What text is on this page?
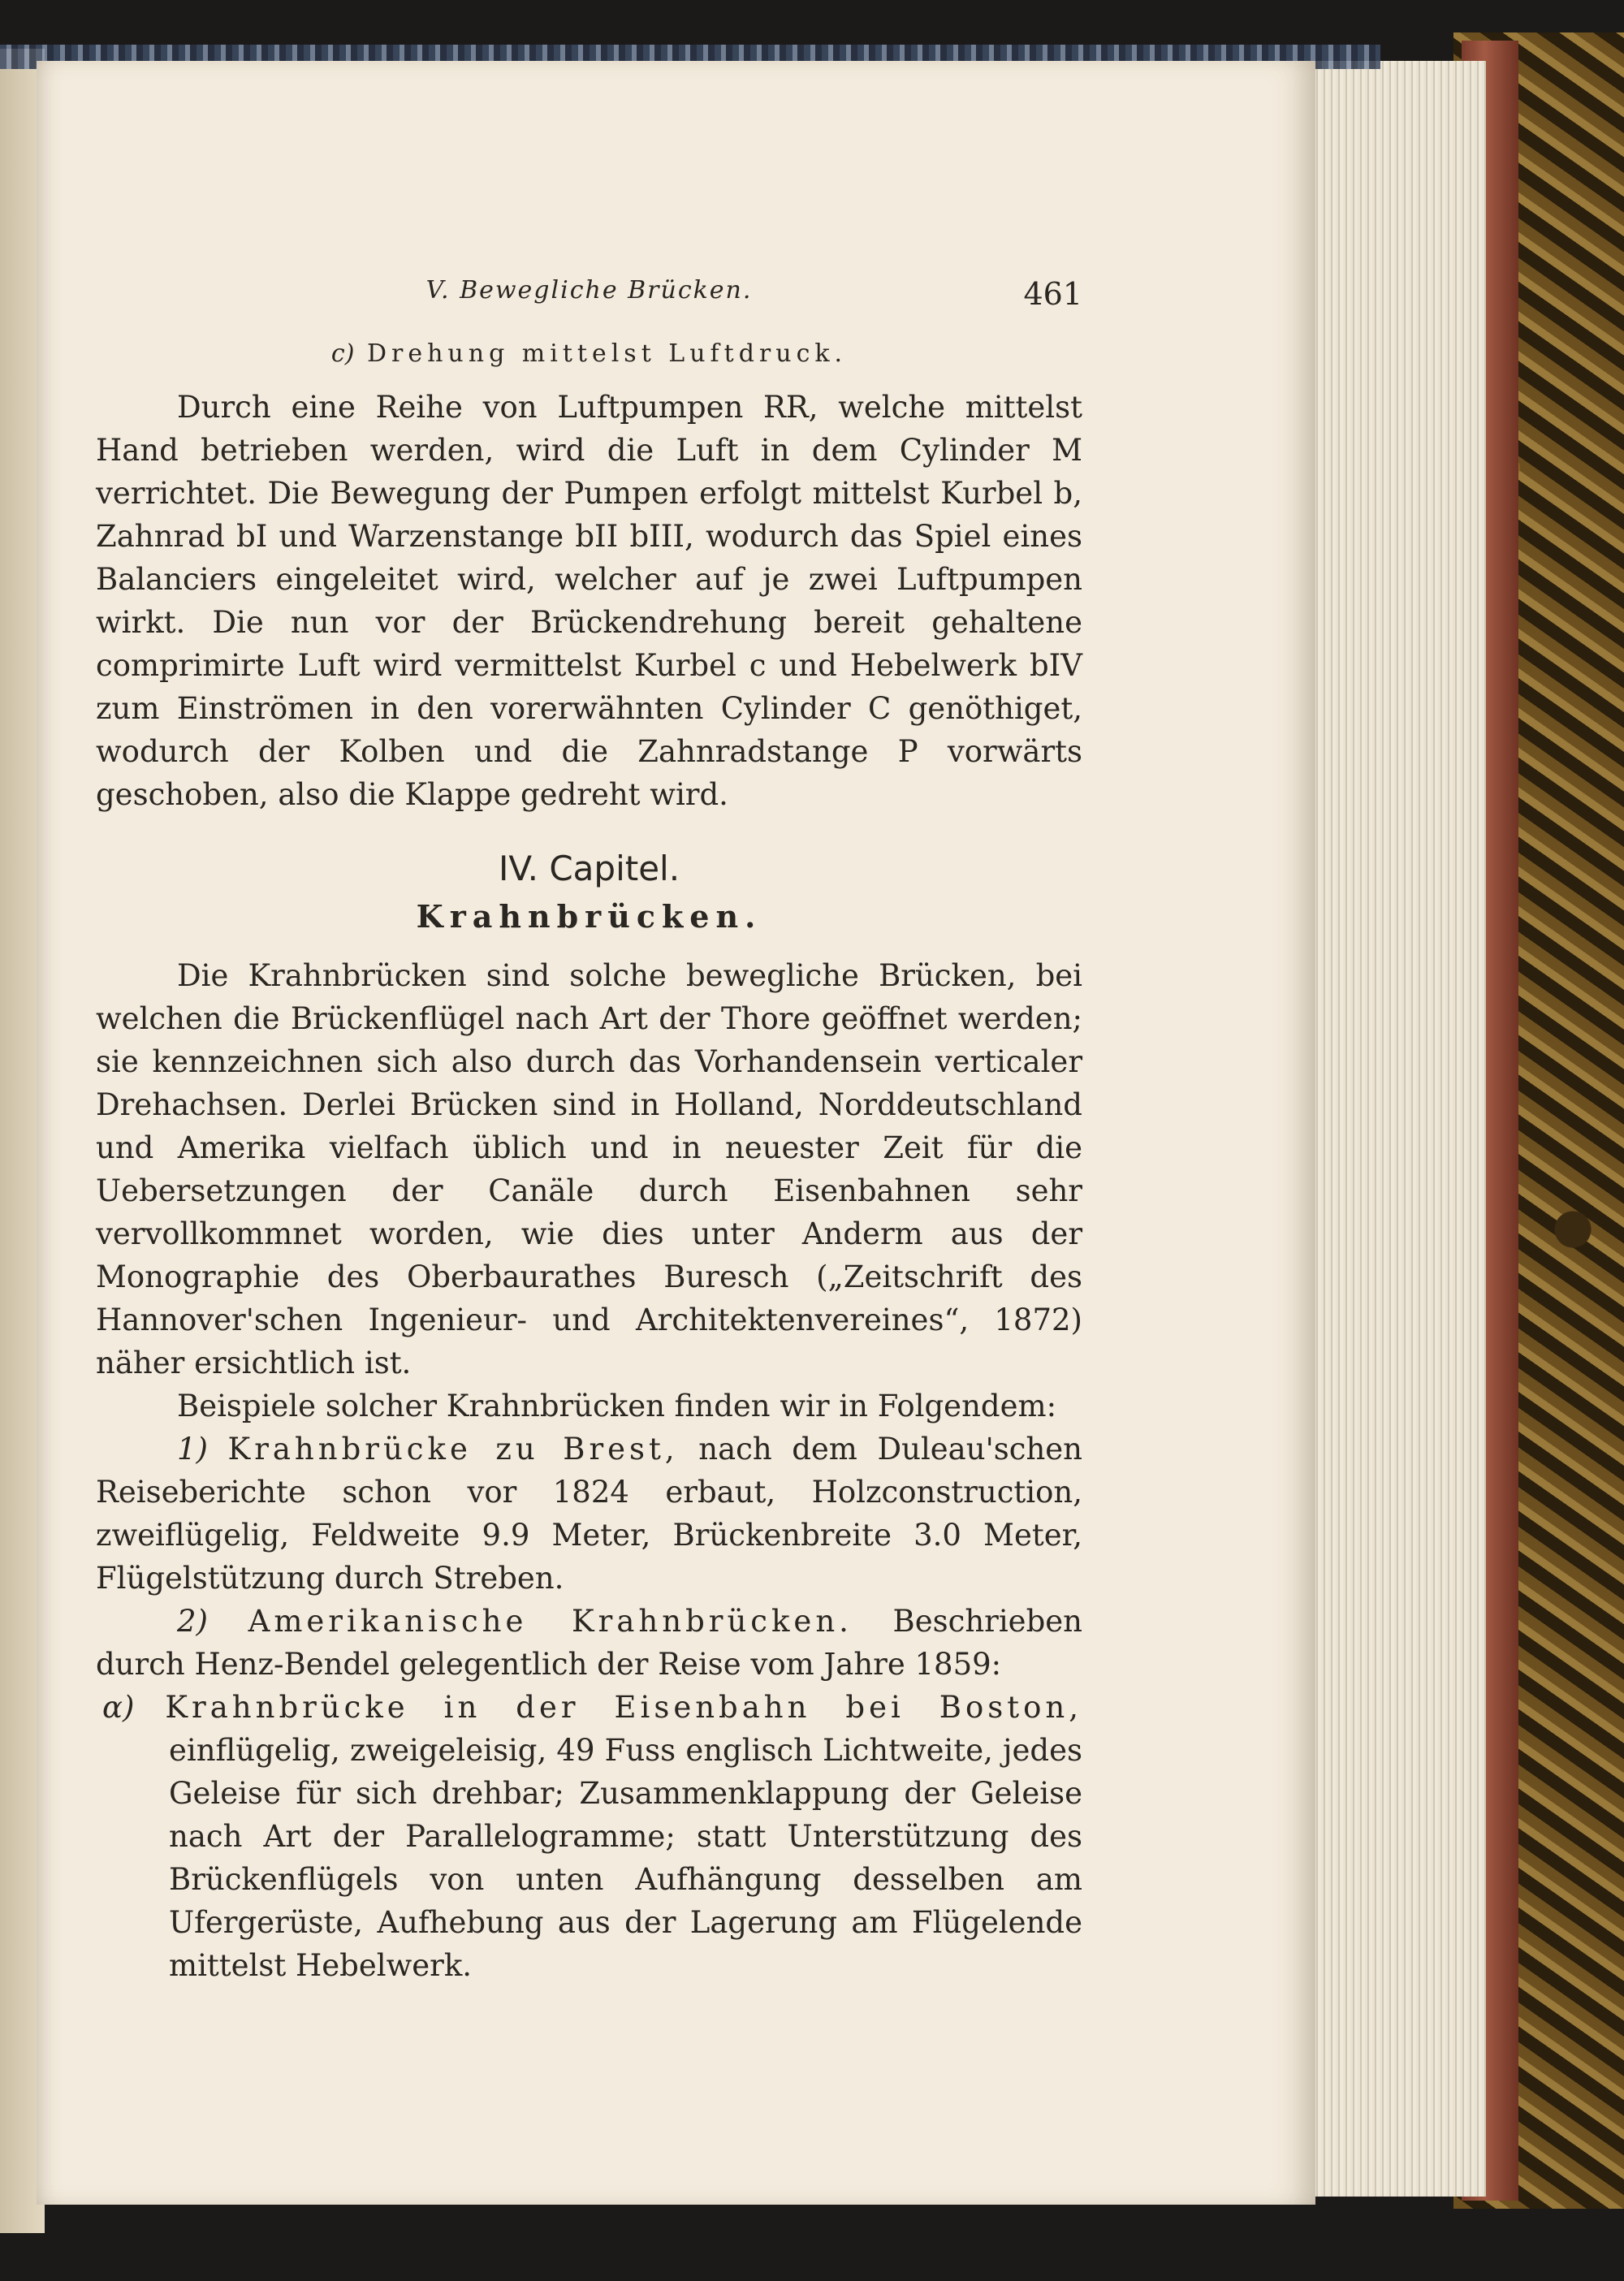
V. Bewegliche Brücken.	461
c) Drehung mittelst Luftdruck.

Durch eine Reihe von Luftpumpen RR, welche mittelst Hand betrieben werden, wird die Luft in dem Cylinder M verrichtet. Die Bewegung der Pumpen erfolgt mittelst Kurbel b, Zahnrad bI und Warzenstange bII bIII, wodurch das Spiel eines Balanciers eingeleitet wird, welcher auf je zwei Luftpumpen wirkt. Die nun vor der Brückendrehung bereit gehaltene comprimirte Luft wird vermittelst Kurbel c und Hebelwerk bIV zum Einströmen in den vorerwähnten Cylinder C genöthiget, wodurch der Kolben und die Zahnradstange P vorwärts geschoben, also die Klappe gedreht wird.

IV. Capitel.
Krahnbrücken.

Die Krahnbrücken sind solche bewegliche Brücken, bei welchen die Brückenflügel nach Art der Thore geöffnet werden; sie kennzeichnen sich also durch das Vorhandensein verticaler Drehachsen. Derlei Brücken sind in Holland, Norddeutschland und Amerika vielfach üblich und in neuester Zeit für die Uebersetzungen der Canäle durch Eisenbahnen sehr vervollkommnet worden, wie dies unter Anderm aus der Monographie des Oberbaurathes Buresch („Zeitschrift des Hannover'schen Ingenieur- und Architektenvereines“, 1872) näher ersichtlich ist.

Beispiele solcher Krahnbrücken finden wir in Folgendem:

1) Krahnbrücke zu Brest, nach dem Duleau'schen Reiseberichte schon vor 1824 erbaut, Holzconstruction, zweiflügelig, Feldweite 9.9 Meter, Brückenbreite 3.0 Meter, Flügelstützung durch Streben.

2) Amerikanische Krahnbrücken. Beschrieben durch Henz-Bendel gelegentlich der Reise vom Jahre 1859:

α) Krahnbrücke in der Eisenbahn bei Boston, einflügelig, zweigeleisig, 49 Fuss englisch Lichtweite, jedes Geleise für sich drehbar; Zusammenklappung der Geleise nach Art der Parallelogramme; statt Unterstützung des Brückenflügels von unten Aufhängung desselben am Ufergerüste, Aufhebung aus der Lagerung am Flügelende mittelst Hebelwerk.
